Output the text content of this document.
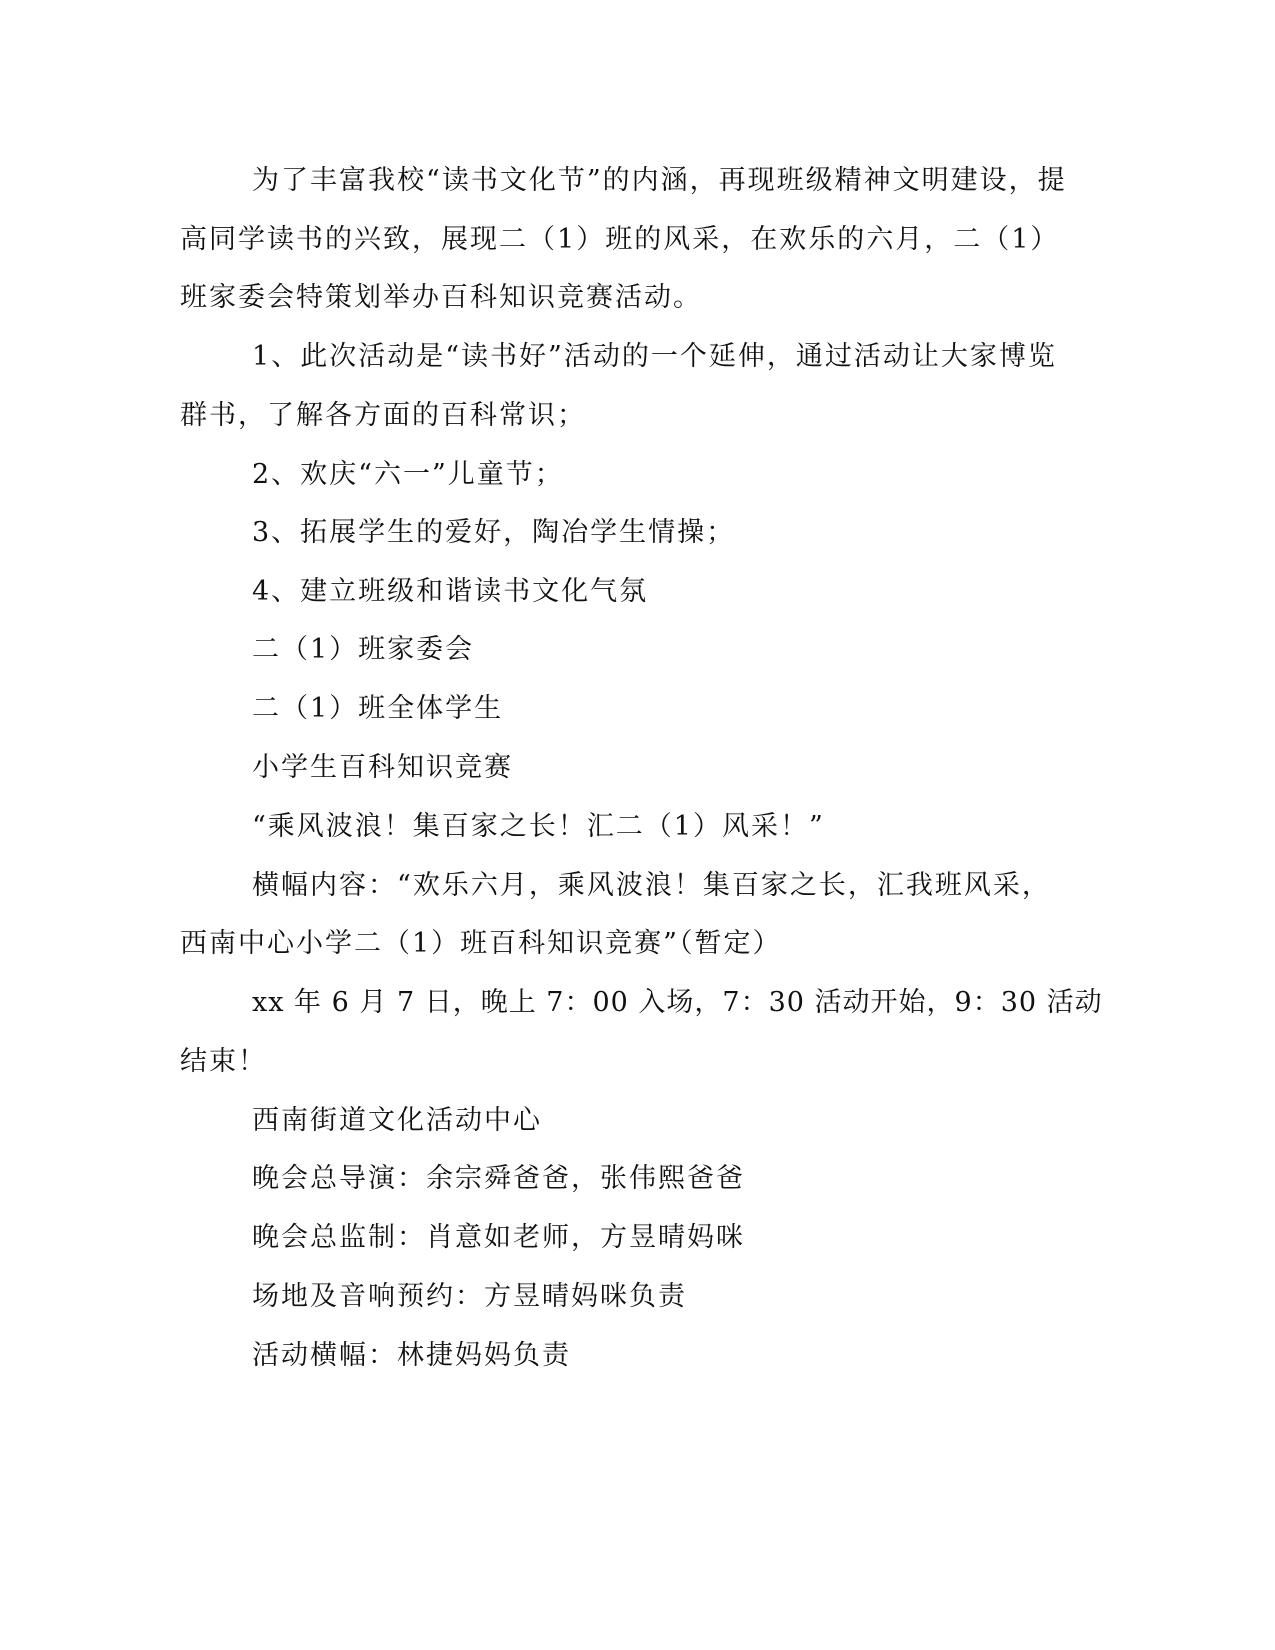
为 了 丰 富 我 校 “ 读 书 文 化 节 ” 的 内 涵 ， 再 现 班 级 精 神 文 明 建 设 ， 提
高 同 学 读 书 的 兴 致 ， 展 现 二 （ 1 ） 班 的 风 采 ， 在 欢 乐 的 六 月 ， 二 （ 1 ）
班家委会特策划举办百科知识竞赛活动。
1 、 此 次 活 动 是 “ 读 书 好 ” 活 动 的 一 个 延 伸 ， 通 过 活 动 让 大 家 博 览
群书，了解各方面的百科常识；
2、欢庆“六一”儿童节；
3、拓展学生的爱好，陶冶学生情操；
4、建立班级和谐读书文化气氛
二（1）班家委会
二（1）班全体学生
小学生百科知识竞赛
“乘风波浪！集百家之长！汇二（1）风采！”
横 幅 内 容 ： “ 欢 乐 六 月 ， 乘 风 波 浪 ！ 集 百 家 之 长 ， 汇 我 班 风 采 ，
西南中心小学二（1）班百科知识竞赛”（暂定）
xx 年 6 月 7 日，晚上 7：00 入场，7：30 活动开始，9：30 活动
结束！
西南街道文化活动中心
晚会总导演：余宗舜爸爸，张伟熙爸爸
晚会总监制：肖意如老师，方昱晴妈咪
场地及音响预约：方昱晴妈咪负责
活动横幅：林捷妈妈负责
